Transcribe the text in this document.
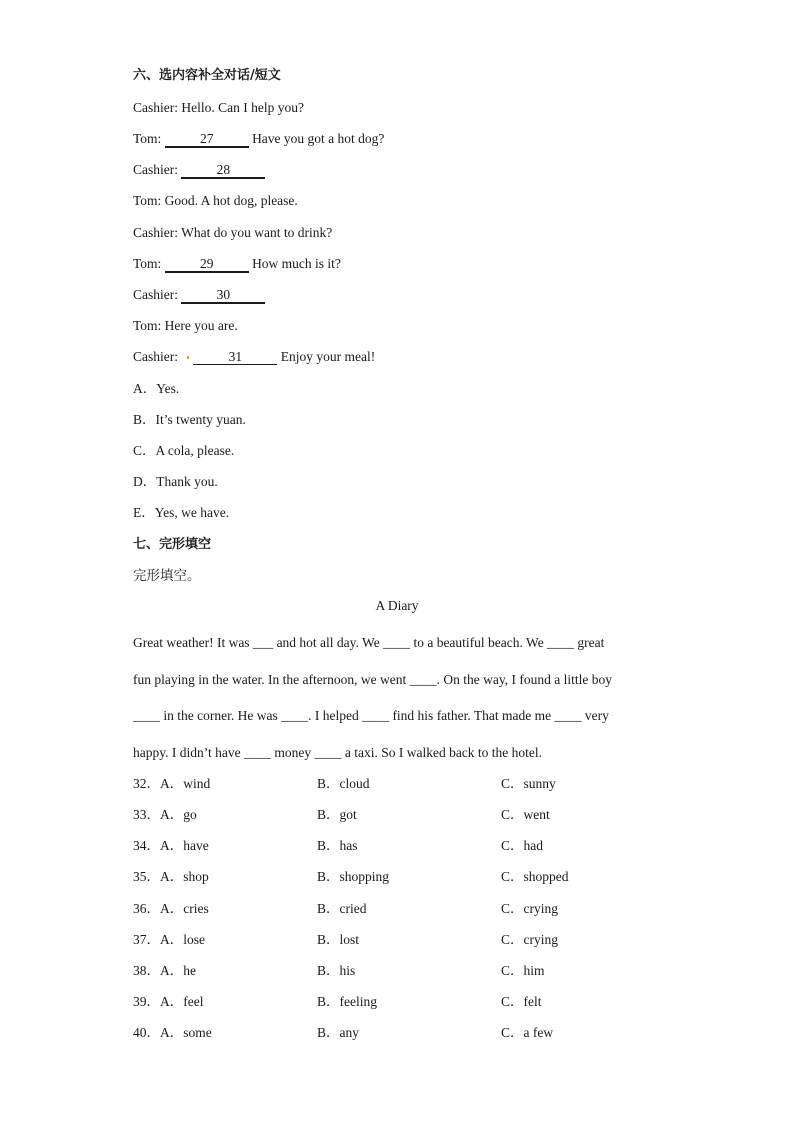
六、选内容补全对话/短文
Cashier: Hello. Can I help you?
Tom:	27	Have you got a hot dog?
Cashier:	28
Tom: Good. A hot dog, please.
Cashier: What do you want to drink?
Tom:	29	How much is it?
Cashier:	30
Tom: Here you are.
Cashier:	31	Enjoy your meal!
A．Yes.
B．It’s twenty yuan.
C．A cola, please.
D．Thank you.
E．Yes, we have.
七、完形填空
完形填空。
A Diary
Great weather! It was ___ and hot all day. We ____ to a beautiful beach. We ____ great
fun playing in the water. In the afternoon, we went ____. On the way, I found a little boy
____ in the corner. He was ____. I helped ____ find his father. That made me ____ very
happy. I didn’t have ____ money ____ a taxi. So I walked back to the hotel.
32．A．wind	B．cloud	C．sunny
33．A．go	B．got	C．went
34．A．have	B．has	C．had
35．A．shop	B．shopping	C．shopped
36．A．cries	B．cried	C．crying
37．A．lose	B．lost	C．crying
38．A．he	B．his	C．him
39．A．feel	B．feeling	C．felt
40．A．some	B．any	C．a few
